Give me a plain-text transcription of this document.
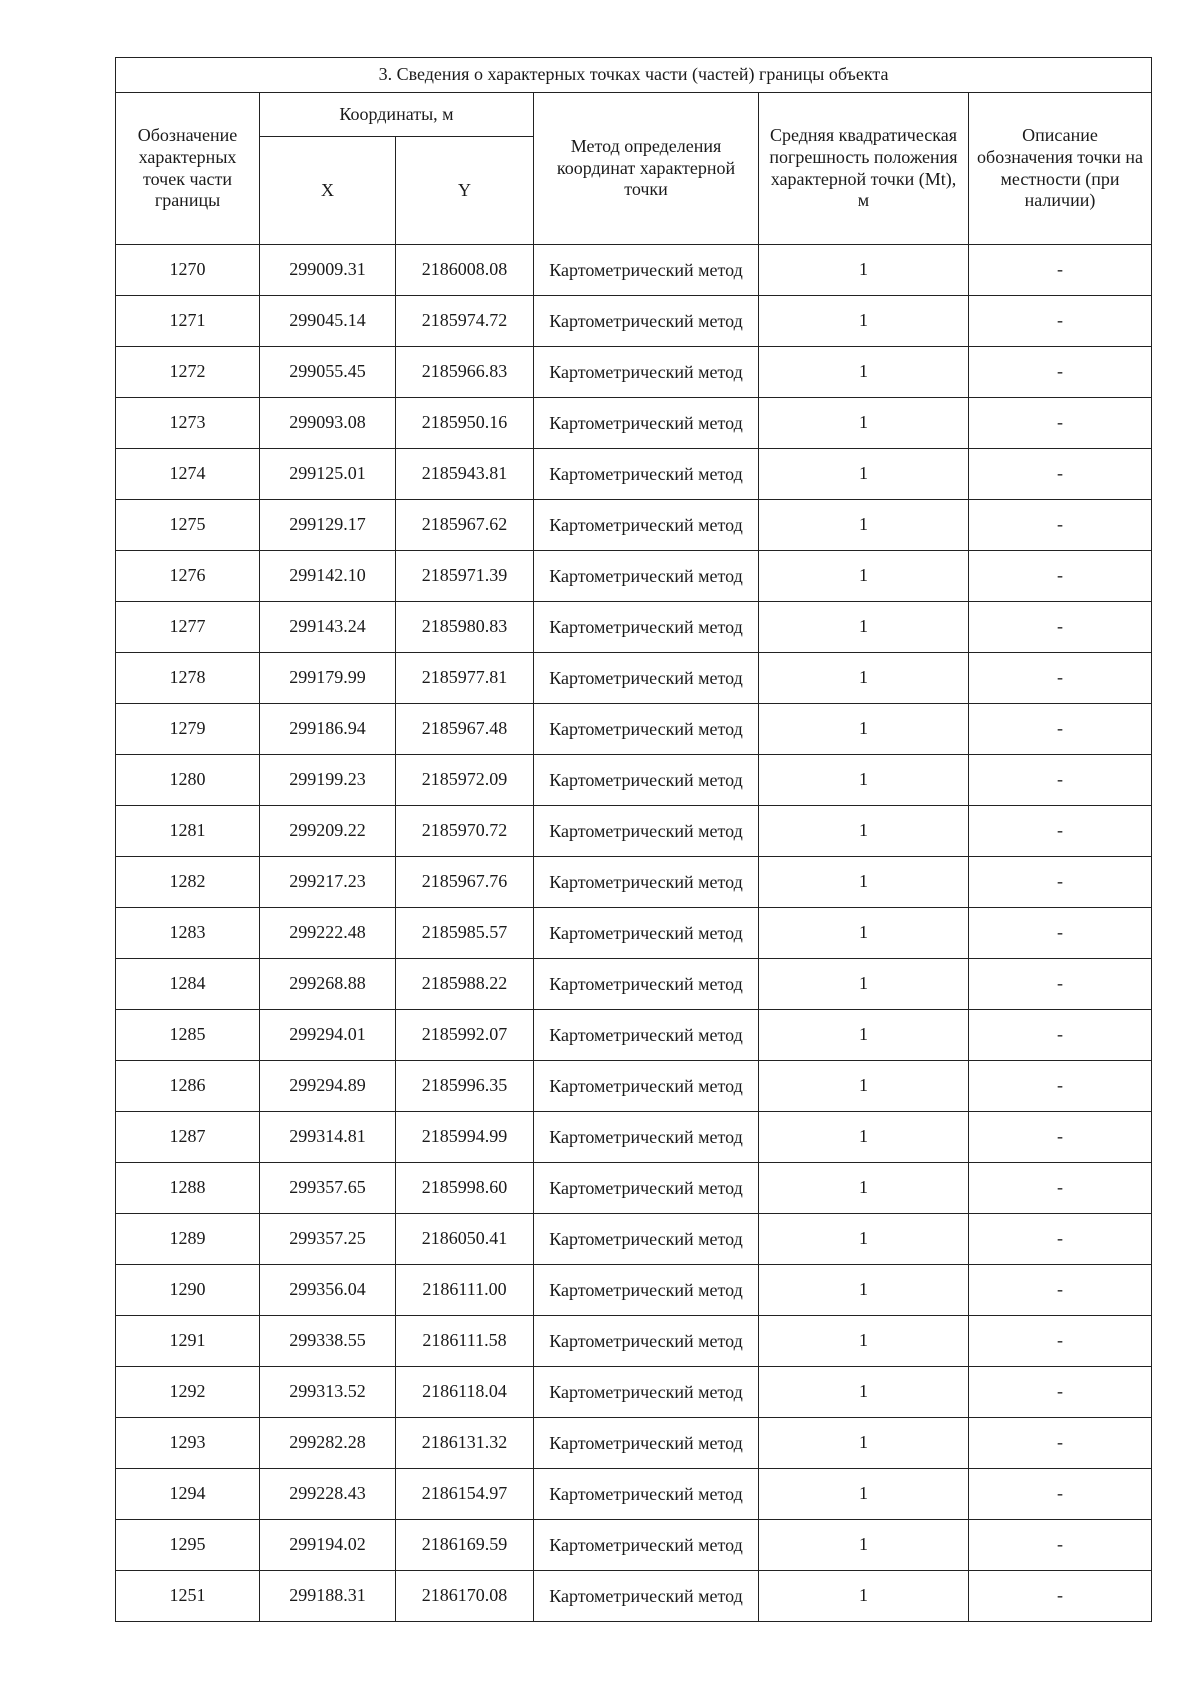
3. Сведения о характерных точках части (частей) границы объекта					
Обозначение характерных точек части границы	Координаты, м		Метод определения координат характерной точки	Средняя квадратическая погрешность положения характерной точки (Mt), м	Описание обозначения точки на местности (при наличии)
	X	Y			
1270	299009.31	2186008.08	Картометрический метод	1	-
1271	299045.14	2185974.72	Картометрический метод	1	-
1272	299055.45	2185966.83	Картометрический метод	1	-
1273	299093.08	2185950.16	Картометрический метод	1	-
1274	299125.01	2185943.81	Картометрический метод	1	-
1275	299129.17	2185967.62	Картометрический метод	1	-
1276	299142.10	2185971.39	Картометрический метод	1	-
1277	299143.24	2185980.83	Картометрический метод	1	-
1278	299179.99	2185977.81	Картометрический метод	1	-
1279	299186.94	2185967.48	Картометрический метод	1	-
1280	299199.23	2185972.09	Картометрический метод	1	-
1281	299209.22	2185970.72	Картометрический метод	1	-
1282	299217.23	2185967.76	Картометрический метод	1	-
1283	299222.48	2185985.57	Картометрический метод	1	-
1284	299268.88	2185988.22	Картометрический метод	1	-
1285	299294.01	2185992.07	Картометрический метод	1	-
1286	299294.89	2185996.35	Картометрический метод	1	-
1287	299314.81	2185994.99	Картометрический метод	1	-
1288	299357.65	2185998.60	Картометрический метод	1	-
1289	299357.25	2186050.41	Картометрический метод	1	-
1290	299356.04	2186111.00	Картометрический метод	1	-
1291	299338.55	2186111.58	Картометрический метод	1	-
1292	299313.52	2186118.04	Картометрический метод	1	-
1293	299282.28	2186131.32	Картометрический метод	1	-
1294	299228.43	2186154.97	Картометрический метод	1	-
1295	299194.02	2186169.59	Картометрический метод	1	-
1251	299188.31	2186170.08	Картометрический метод	1	-
